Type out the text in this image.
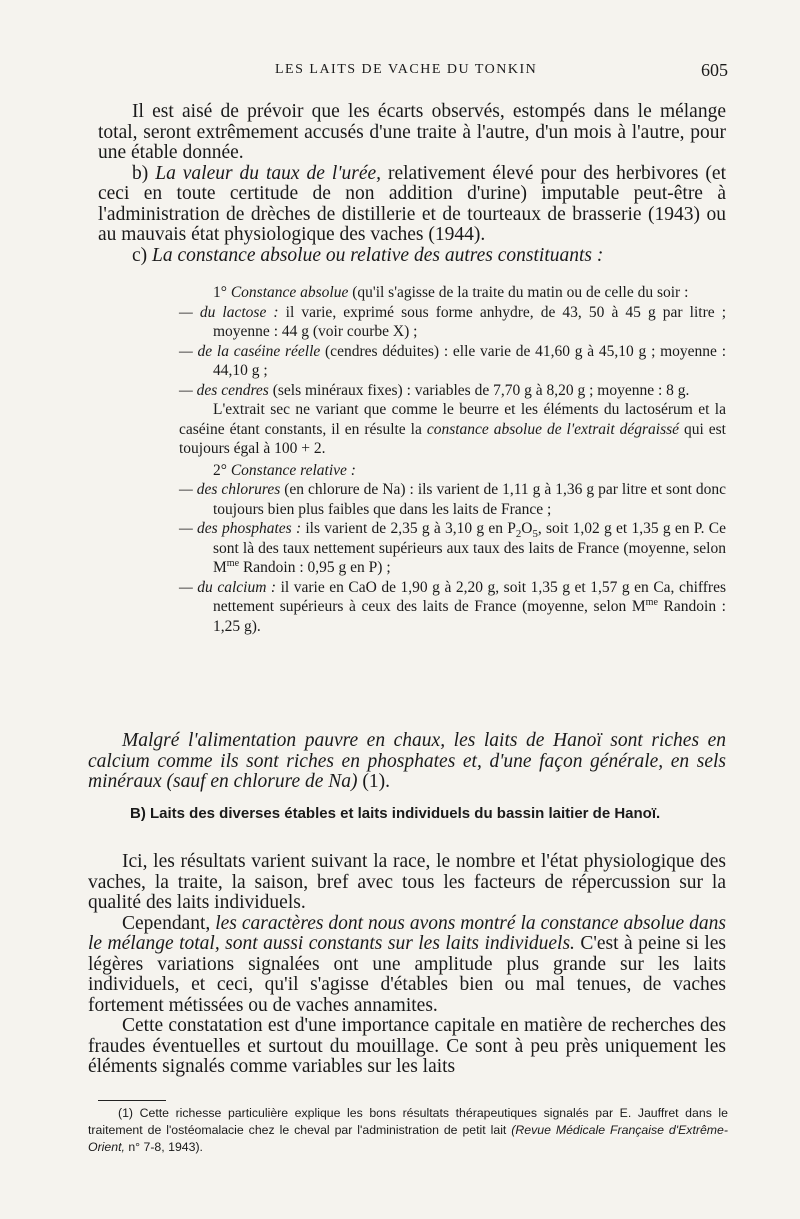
LES LAITS DE VACHE DU TONKIN	605

Il est aisé de prévoir que les écarts observés, estompés dans le mélange total, seront extrêmement accusés d'une traite à l'autre, d'un mois à l'autre, pour une étable donnée.

b) La valeur du taux de l'urée, relativement élevé pour des herbivores (et ceci en toute certitude de non addition d'urine) imputable peut-être à l'administration de drèches de distillerie et de tourteaux de brasserie (1943) ou au mauvais état physiologique des vaches (1944).

c) La constance absolue ou relative des autres constituants :

1° Constance absolue (qu'il s'agisse de la traite du matin ou de celle du soir :

— du lactose : il varie, exprimé sous forme anhydre, de 43, 50 à 45 g par litre ; moyenne : 44 g (voir courbe X) ;

— de la caséine réelle (cendres déduites) : elle varie de 41,60 g à 45,10 g ; moyenne : 44,10 g ;

— des cendres (sels minéraux fixes) : variables de 7,70 g à 8,20 g ; moyenne : 8 g.

L'extrait sec ne variant que comme le beurre et les éléments du lactosérum et la caséine étant constants, il en résulte la constance absolue de l'extrait dégraissé qui est toujours égal à 100 + 2.

2° Constance relative :

— des chlorures (en chlorure de Na) : ils varient de 1,11 g à 1,36 g par litre et sont donc toujours bien plus faibles que dans les laits de France ;

— des phosphates : ils varient de 2,35 g à 3,10 g en $P_2O_5$, soit 1,02 g et 1,35 g en P. Ce sont là des taux nettement supérieurs aux taux des laits de France (moyenne, selon $M^{me}$ Randoin : 0,95 g en P) ;

— du calcium : il varie en CaO de 1,90 g à 2,20 g, soit 1,35 g et 1,57 g en Ca, chiffres nettement supérieurs à ceux des laits de France (moyenne, selon $M^{me}$ Randoin : 1,25 g).

Malgré l'alimentation pauvre en chaux, les laits de Hanoï sont riches en calcium comme ils sont riches en phosphates et, d'une façon générale, en sels minéraux (sauf en chlorure de Na) (1).

B) Laits des diverses étables et laits individuels du bassin laitier de Hanoï.

Ici, les résultats varient suivant la race, le nombre et l'état physiologique des vaches, la traite, la saison, bref avec tous les facteurs de répercussion sur la qualité des laits individuels.

Cependant, les caractères dont nous avons montré la constance absolue dans le mélange total, sont aussi constants sur les laits individuels. C'est à peine si les légères variations signalées ont une amplitude plus grande sur les laits individuels, et ceci, qu'il s'agisse d'étables bien ou mal tenues, de vaches fortement métissées ou de vaches annamites.

Cette constatation est d'une importance capitale en matière de recherches des fraudes éventuelles et surtout du mouillage. Ce sont à peu près uniquement les éléments signalés comme variables sur les laits

(1) Cette richesse particulière explique les bons résultats thérapeutiques signalés par E. Jauffret dans le traitement de l'ostéomalacie chez le cheval par l'administration de petit lait (Revue Médicale Française d'Extrême-Orient, n° 7-8, 1943).
